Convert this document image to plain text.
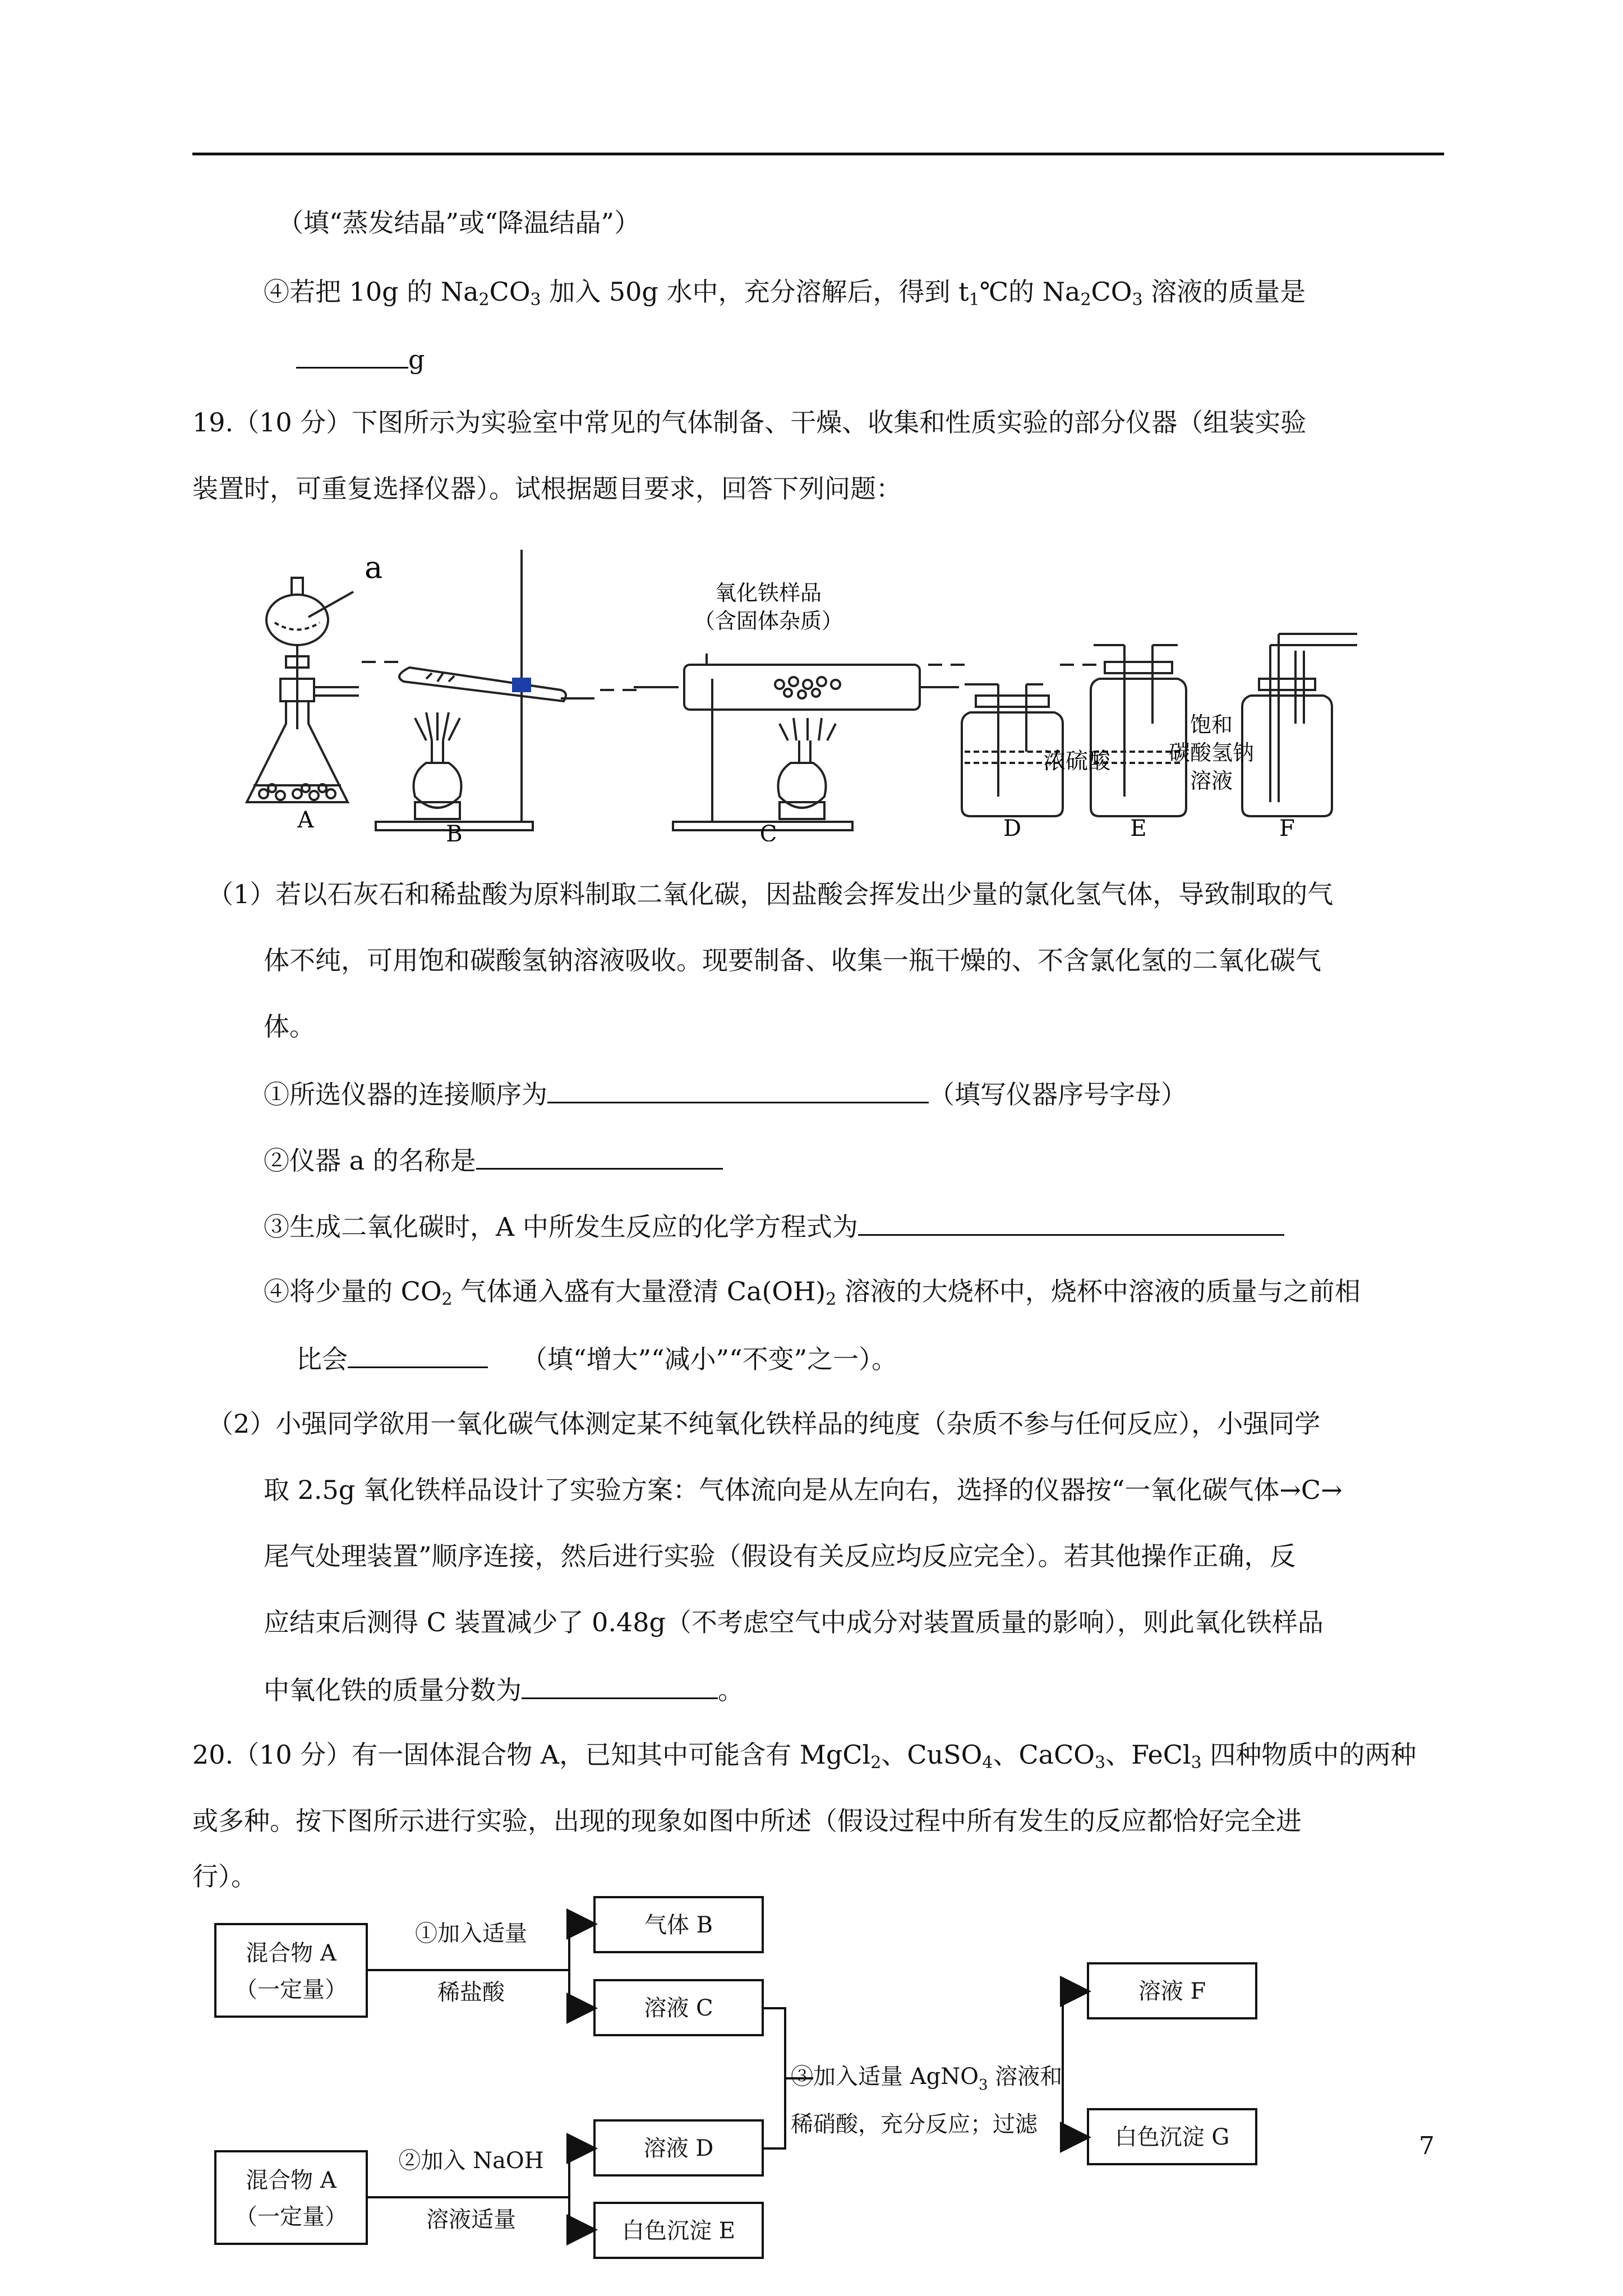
（填“蒸发结晶”或“降温结晶”）
④若把 10g 的 $Na_2CO_3$ 加入 50g 水中，充分溶解后，得到 $t_1℃$的 $Na_2CO_3$ 溶液的质量是
g
19.（10 分）下图所示为实验室中常见的气体制备、干燥、收集和性质实验的部分仪器（组装实验
装置时，可重复选择仪器）。试根据题目要求，回答下列问题：
a
氧化铁样品
（含固体杂质）
浓硫酸
饱和
碳酸氢钠
溶液
A
B	C	D	E	F
（1）若以石灰石和稀盐酸为原料制取二氧化碳，因盐酸会挥发出少量的氯化氢气体，导致制取的气
体不纯，可用饱和碳酸氢钠溶液吸收。现要制备、收集一瓶干燥的、不含氯化氢的二氧化碳气
体。
①所选仪器的连接顺序为	（填写仪器序号字母）
②仪器 a 的名称是
③生成二氧化碳时，A 中所发生反应的化学方程式为
④将少量的 $CO_2$ 气体通入盛有大量澄清 $Ca(OH)_2$ 溶液的大烧杯中，烧杯中溶液的质量与之前相
比会	（填“增大”“减小”“不变”之一）。
（2）小强同学欲用一氧化碳气体测定某不纯氧化铁样品的纯度（杂质不参与任何反应），小强同学
取 2.5g 氧化铁样品设计了实验方案：气体流向是从左向右，选择的仪器按“一氧化碳气体→C→
尾气处理装置”顺序连接，然后进行实验（假设有关反应均反应完全）。若其他操作正确，反
应结束后测得 C 装置减少了 0.48g（不考虑空气中成分对装置质量的影响），则此氧化铁样品
中氧化铁的质量分数为	。
20.（10 分）有一固体混合物 A，已知其中可能含有 MgCl$_2$、CuSO$_4$、CaCO$_3$、FeCl$_3$ 四种物质中的两种
或多种。按下图所示进行实验，出现的现象如图中所述（假设过程中所有发生的反应都恰好完全进
行）。
混合物 A
（一定量）
①加入适量
稀盐酸
气体 B
溶液 C
溶液 F
白色沉淀 G
混合物 A
（一定量）
②加入 NaOH
溶液适量
溶液 D
白色沉淀 E
③加入适量 AgNO$_3$ 溶液和
稀硝酸，充分反应；过滤
7
